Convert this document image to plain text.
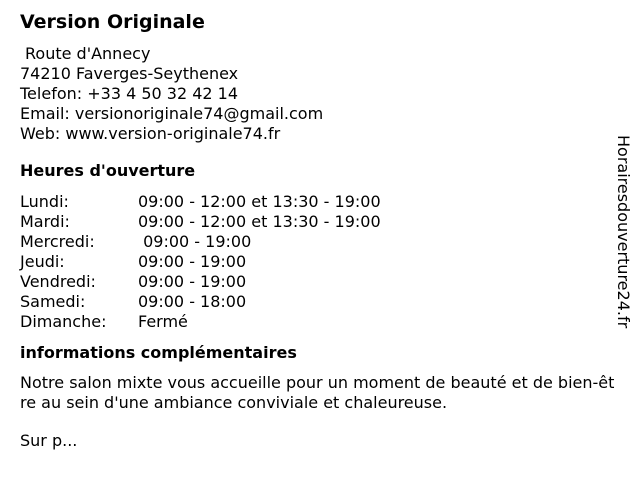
Version Originale
Route d'Annecy
74210 Faverges-Seythenex
Telefon: +33 4 50 32 42 14
Email: versionoriginale74@gmail.com
Web: www.version-originale74.fr
Heures d'ouverture
Lundi:	09:00 - 12:00 et 13:30 - 19:00
Mardi:	09:00 - 12:00 et 13:30 - 19:00
Mercredi:	09:00 - 19:00
Jeudi:	09:00 - 19:00
Vendredi:	09:00 - 19:00
Samedi:	09:00 - 18:00
Dimanche:	Fermé
informations complémentaires

Notre salon mixte vous accueille pour un moment de beauté et de bien-être au sein d'une ambiance conviviale et chaleureuse.

Sur p...
Horairesdouverture24.fr
